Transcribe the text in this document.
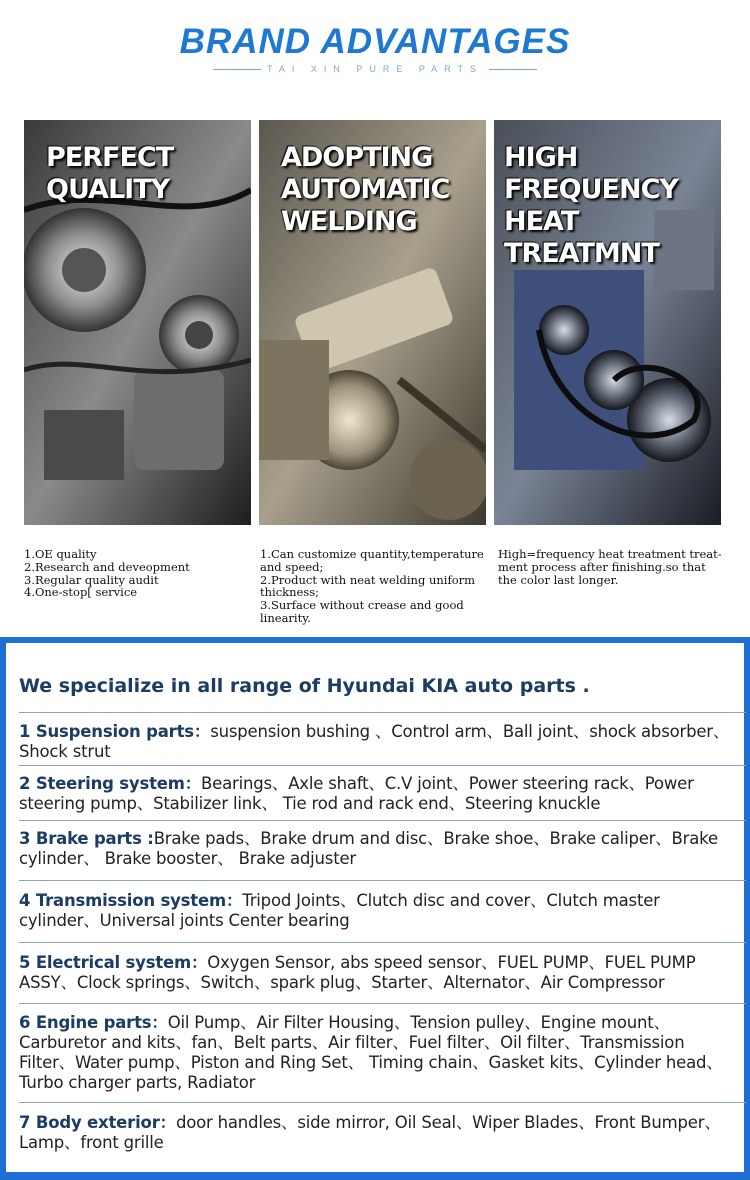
BRAND ADVANTAGES
TAI XIN PURE PARTS
PERFECT QUALITY
ADOPTING AUTOMATIC WELDING
HIGH FREQUENCY HEAT TREATMNT
1.OE quality
2.Research and deveopment
3.Regular quality audit
4.One-stop[ service
1.Can customize quantity,temperature
and speed;
2.Product with neat welding uniform
thickness;
3.Surface without crease and good
linearity.
High=frequency heat treatment treat-
ment process after finishing.so that
the color last longer.
We specialize in all range of Hyundai KIA auto parts .
1 Suspension parts：suspension bushing 、Control arm、Ball joint、shock absorber、Shock strut
2 Steering system：Bearings、Axle shaft、C.V joint、Power steering rack、Power steering pump、Stabilizer link、 Tie rod and rack end、Steering knuckle
3 Brake parts :Brake pads、Brake drum and disc、Brake shoe、Brake caliper、Brake cylinder、 Brake booster、 Brake adjuster
4 Transmission system：Tripod Joints、Clutch disc and cover、Clutch master cylinder、Universal joints Center bearing
5 Electrical system：Oxygen Sensor, abs speed sensor、FUEL PUMP、FUEL PUMP ASSY、Clock springs、Switch、spark plug、Starter、Alternator、Air Compressor
6 Engine parts：Oil Pump、Air Filter Housing、Tension pulley、Engine mount、Carburetor and kits、fan、Belt parts、Air filter、Fuel filter、Oil filter、Transmission Filter、Water pump、Piston and Ring Set、 Timing chain、Gasket kits、Cylinder head、Turbo charger parts, Radiator
7 Body exterior：door handles、side mirror, Oil Seal、Wiper Blades、Front Bumper、Lamp、front grille
